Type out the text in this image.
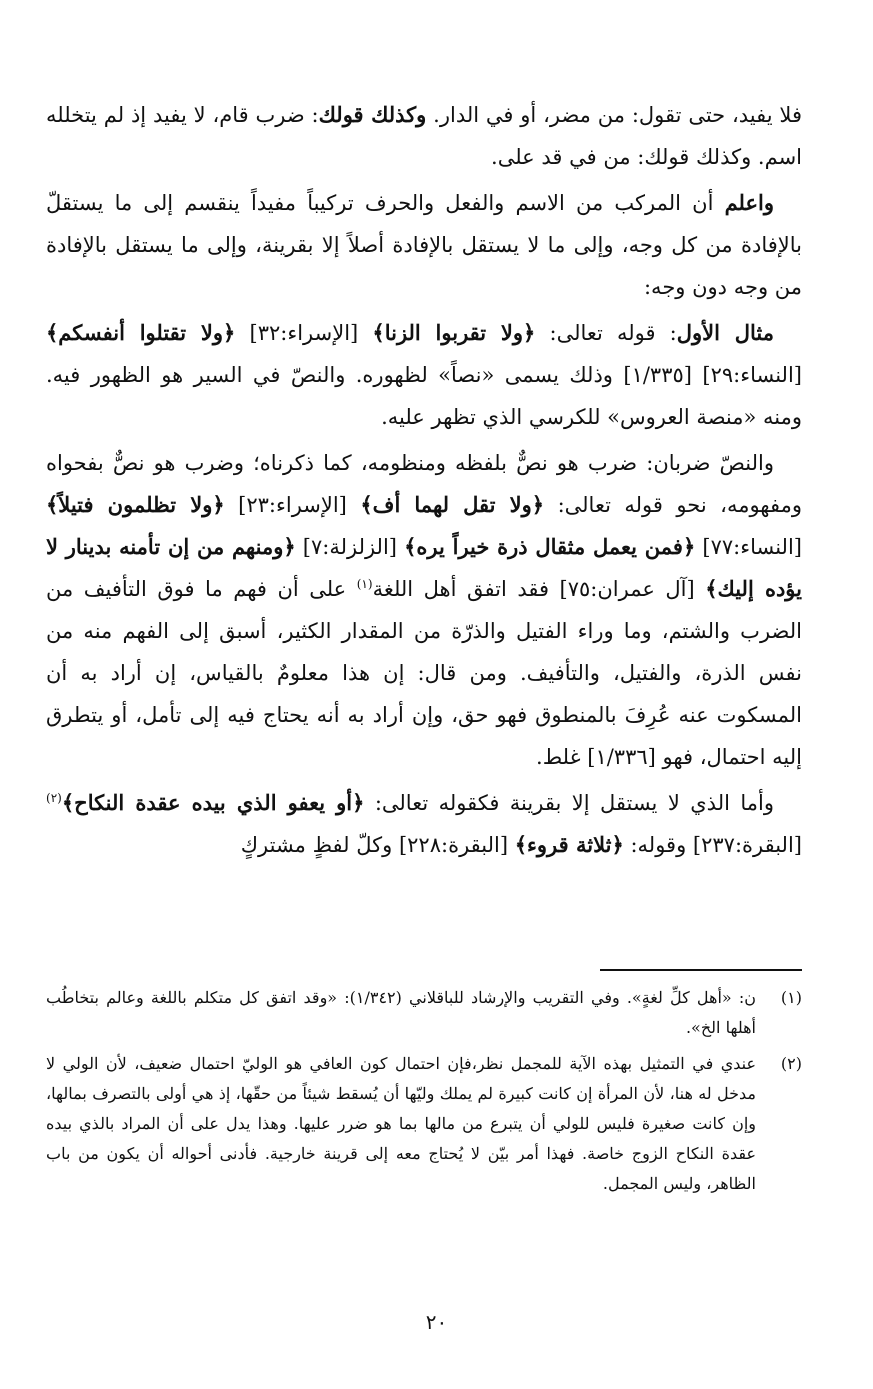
فلا يفيد، حتى تقول: من مضر، أو في الدار. وكذلك قولك: ضرب قام، لا يفيد إذ لم يتخلله اسم. وكذلك قولك: من في قد على.

واعلم أن المركب من الاسم والفعل والحرف تركيباً مفيداً ينقسم إلى ما يستقلّ بالإفادة من كل وجه، وإلى ما لا يستقل بالإفادة أصلاً إلا بقرينة، وإلى ما يستقل بالإفادة من وجه دون وجه:

مثال الأول: قوله تعالى: ﴿ولا تقربوا الزنا﴾ [الإسراء:٣٢] ﴿ولا تقتلوا أنفسكم﴾ [النساء:٢٩] [١/٣٣٥] وذلك يسمى «نصاً» لظهوره. والنصّ في السير هو الظهور فيه. ومنه «منصة العروس» للكرسي الذي تظهر عليه.

والنصّ ضربان: ضرب هو نصٌّ بلفظه ومنظومه، كما ذكرناه؛ وضرب هو نصٌّ بفحواه ومفهومه، نحو قوله تعالى: ﴿ولا تقل لهما أف﴾ [الإسراء:٢٣] ﴿ولا تظلمون فتيلاً﴾ [النساء:٧٧] ﴿فمن يعمل مثقال ذرة خيراً يره﴾ [الزلزلة:٧] ﴿ومنهم من إن تأمنه بدينار لا يؤده إليك﴾ [آل عمران:٧٥] فقد اتفق أهل اللغة$^{(١)}$ على أن فهم ما فوق التأفيف من الضرب والشتم، وما وراء الفتيل والذرّة من المقدار الكثير، أسبق إلى الفهم منه من نفس الذرة، والفتيل، والتأفيف. ومن قال: إن هذا معلومٌ بالقياس، إن أراد به أن المسكوت عنه عُرِفَ بالمنطوق فهو حق، وإن أراد به أنه يحتاج فيه إلى تأمل، أو يتطرق إليه احتمال، فهو [١/٣٣٦] غلط.

وأما الذي لا يستقل إلا بقرينة فكقوله تعالى: ﴿أو يعفو الذي بيده عقدة النكاح﴾$^{(٢)}$ [البقرة:٢٣٧] وقوله: ﴿ثلاثة قروء﴾ [البقرة:٢٢٨] وكلّ لفظٍ مشتركٍ

(١)
ن: «أهل كلِّ لغةٍ». وفي التقريب والإرشاد للباقلاني (١/٣٤٢): «وقد اتفق كل متكلم باللغة وعالم بتخاطُب أهلها الخ».
(٢)
عندي في التمثيل بهذه الآية للمجمل نظر،فإن احتمال كون العافي هو الوليّ احتمال ضعيف، لأن الولي لا مدخل له هنا، لأن المرأة إن كانت كبيرة لم يملك وليّها أن يُسقط شيئاً من حقّها، إذ هي أولى بالتصرف بمالها، وإن كانت صغيرة فليس للولي أن يتبرع من مالها بما هو ضرر عليها. وهذا يدل على أن المراد بالذي بيده عقدة النكاح الزوج خاصة. فهذا أمر بيّن لا يُحتاج معه إلى قرينة خارجية. فأدنى أحواله أن يكون من باب الظاهر، وليس المجمل.
٢٠
